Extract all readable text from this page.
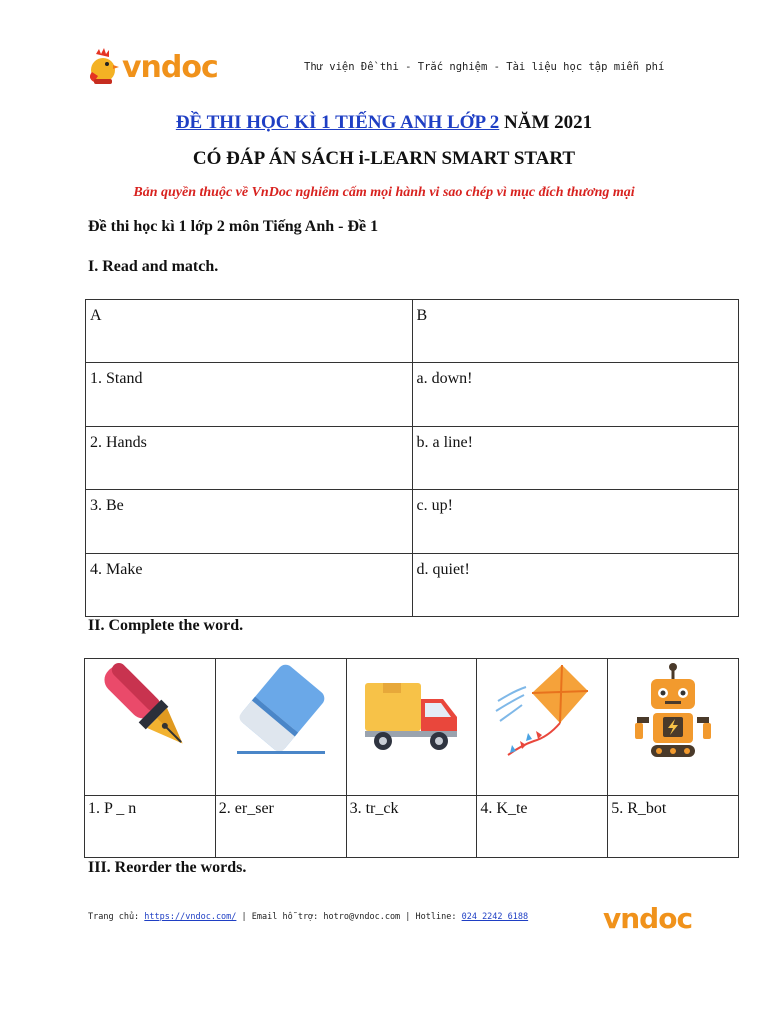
vndoc	Thư viện Đề thi - Trắc nghiệm - Tài liệu học tập miễn phí
ĐỀ THI HỌC KÌ 1 TIẾNG ANH LỚP 2 NĂM 2021
CÓ ĐÁP ÁN SÁCH i-LEARN SMART START
Bản quyền thuộc về VnDoc nghiêm cấm mọi hành vi sao chép vì mục đích thương mại
Đề thi học kì 1 lớp 2 môn Tiếng Anh - Đề 1
I. Read and match.
A	B
1. Stand	a. down!
2. Hands	b. a line!
3. Be	c. up!
4. Make	d. quiet!
II. Complete the word.

1. P _ n	2. er_ser	3. tr_ck	4. K_te	5. R_bot
III. Reorder the words.
Trang chủ: https://vndoc.com/ | Email hỗ trợ: hotro@vndoc.com | Hotline: 024 2242 6188	vndoc
